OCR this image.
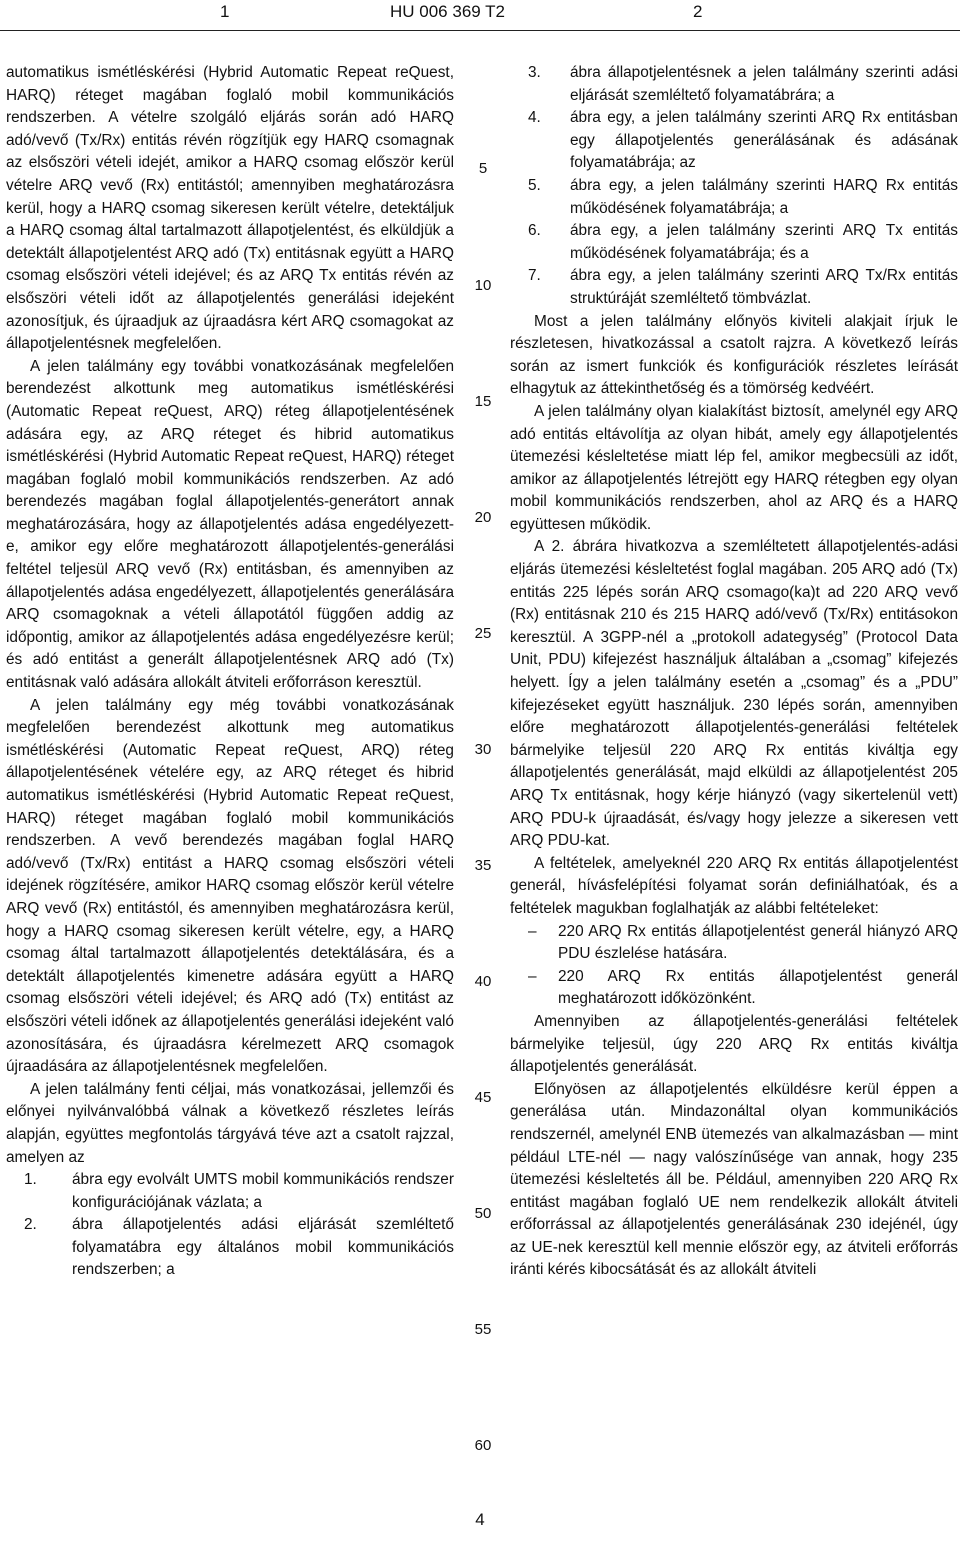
1	HU 006 369 T2	2

automatikus ismétléskérési (Hybrid Automatic Repeat reQuest, HARQ) réteget magában foglaló mobil kommunikációs rendszerben. A vételre szolgáló eljárás során adó HARQ adó/vevő (Tx/Rx) entitás révén rögzítjük egy HARQ csomagnak az elsőszöri vételi idejét, amikor a HARQ csomag először kerül vételre ARQ vevő (Rx) entitástól; amennyiben meghatározásra kerül, hogy a HARQ csomag sikeresen került vételre, detektáljuk a HARQ csomag által tartalmazott állapotjelentést, és elküldjük a detektált állapotjelentést ARQ adó (Tx) entitásnak együtt a HARQ csomag elsőszöri vételi idejével; és az ARQ Tx entitás révén az elsőszöri vételi időt az állapotjelentés generálási idejeként azonosítjuk, és újraadjuk az újraadásra kért ARQ csomagokat az állapotjelentésnek megfelelően.

A jelen találmány egy további vonatkozásának megfelelően berendezést alkottunk meg automatikus ismétléskérési (Automatic Repeat reQuest, ARQ) réteg állapotjelentésének adására egy, az ARQ réteget és hibrid automatikus ismétléskérési (Hybrid Automatic Repeat reQuest, HARQ) réteget magában foglaló mobil kommunikációs rendszerben. Az adó berendezés magában foglal állapotjelentés-generátort annak meghatározására, hogy az állapotjelentés adása engedélyezett-e, amikor egy előre meghatározott állapotjelentés-generálási feltétel teljesül ARQ vevő (Rx) entitásban, és amennyiben az állapotjelentés adása engedélyezett, állapotjelentés generálására ARQ csomagoknak a vételi állapotától függően addig az időpontig, amikor az állapotjelentés adása engedélyezésre kerül; és adó entitást a generált állapotjelentésnek ARQ adó (Tx) entitásnak való adására allokált átviteli erőforráson keresztül.

A jelen találmány egy még további vonatkozásának megfelelően berendezést alkottunk meg automatikus ismétléskérési (Automatic Repeat reQuest, ARQ) réteg állapotjelentésének vételére egy, az ARQ réteget és hibrid automatikus ismétléskérési (Hybrid Automatic Repeat reQuest, HARQ) réteget magában foglaló mobil kommunikációs rendszerben. A vevő berendezés magában foglal HARQ adó/vevő (Tx/Rx) entitást a HARQ csomag elsőszöri vételi idejének rögzítésére, amikor HARQ csomag először kerül vételre ARQ vevő (Rx) entitástól, és amennyiben meghatározásra kerül, hogy a HARQ csomag sikeresen került vételre, egy, a HARQ csomag által tartalmazott állapotjelentés detektálására, és a detektált állapotjelentés kimenetre adására együtt a HARQ csomag elsőszöri vételi idejével; és ARQ adó (Tx) entitást az elsőszöri vételi időnek az állapotjelentés generálási idejeként való azonosítására, és újraadásra kérelmezett ARQ csomagok újraadására az állapotjelentésnek megfelelően.

A jelen találmány fenti céljai, más vonatkozásai, jellemzői és előnyei nyilvánvalóbbá válnak a következő részletes leírás alapján, együttes megfontolás tárgyává téve azt a csatolt rajzzal, amelyen az

1.	ábra egy evolvált UMTS mobil kommunikációs rendszer konfigurációjának vázlata; a
2.	ábra állapotjelentés adási eljárását szemléltető folyamatábra egy általános mobil kommunikációs rendszerben; a
5
10
15
20
25
30
35
40
45
50
55
60
3.	ábra állapotjelentésnek a jelen találmány szerinti adási eljárását szemléltető folyamatábrára; a
4.	ábra egy, a jelen találmány szerinti ARQ Rx entitásban egy állapotjelentés generálásának és adásának folyamatábrája; az
5.	ábra egy, a jelen találmány szerinti HARQ Rx entitás működésének folyamatábrája; a
6.	ábra egy, a jelen találmány szerinti ARQ Tx entitás működésének folyamatábrája; és a
7.	ábra egy, a jelen találmány szerinti ARQ Tx/Rx entitás struktúráját szemléltető tömbvázlat.

Most a jelen találmány előnyös kiviteli alakjait írjuk le részletesen, hivatkozással a csatolt rajzra. A következő leírás során az ismert funkciók és konfigurációk részletes leírását elhagytuk az áttekinthetőség és a tömörség kedvéért.

A jelen találmány olyan kialakítást biztosít, amelynél egy ARQ adó entitás eltávolítja az olyan hibát, amely egy állapotjelentés ütemezési késleltetése miatt lép fel, amikor megbecsüli az időt, amikor az állapotjelentés létrejött egy HARQ rétegben egy olyan mobil kommunikációs rendszerben, ahol az ARQ és a HARQ együttesen működik.

A 2. ábrára hivatkozva a szemléltetett állapotjelentés-adási eljárás ütemezési késleltetést foglal magában. 205 ARQ adó (Tx) entitás 225 lépés során ARQ csomago(ka)t ad 220 ARQ vevő (Rx) entitásnak 210 és 215 HARQ adó/vevő (Tx/Rx) entitásokon keresztül. A 3GPP-nél a „protokoll adategység” (Protocol Data Unit, PDU) kifejezést használjuk általában a „csomag” kifejezés helyett. Így a jelen találmány esetén a „csomag” és a „PDU” kifejezéseket együtt használjuk. 230 lépés során, amennyiben előre meghatározott állapotjelentés-generálási feltételek bármelyike teljesül 220 ARQ Rx entitás kiváltja egy állapotjelentés generálását, majd elküldi az állapotjelentést 205 ARQ Tx entitásnak, hogy kérje hiányzó (vagy sikertelenül vett) ARQ PDU-k újraadását, és/vagy hogy jelezze a sikeresen vett ARQ PDU-kat.

A feltételek, amelyeknél 220 ARQ Rx entitás állapotjelentést generál, hívásfelépítési folyamat során definiálhatóak, és a feltételek magukban foglalhatják az alábbi feltételeket:

–	220 ARQ Rx entitás állapotjelentést generál hiányzó ARQ PDU észlelése hatására.
–	220 ARQ Rx entitás állapotjelentést generál meghatározott időközönként.

Amennyiben az állapotjelentés-generálási feltételek bármelyike teljesül, úgy 220 ARQ Rx entitás kiváltja állapotjelentés generálását.

Előnyösen az állapotjelentés elküldésre kerül éppen a generálása után. Mindazonáltal olyan kommunikációs rendszernél, amelynél ENB ütemezés van alkalmazásban — mint például LTE-nél — nagy valószínűsége van annak, hogy 235 ütemezési késleltetés áll be. Például, amennyiben 220 ARQ Rx entitást magában foglaló UE nem rendelkezik allokált átviteli erőforrással az állapotjelentés generálásának 230 idejénél, úgy az UE-nek keresztül kell mennie először egy, az átviteli erőforrás iránti kérés kibocsátását és az allokált átviteli

4
